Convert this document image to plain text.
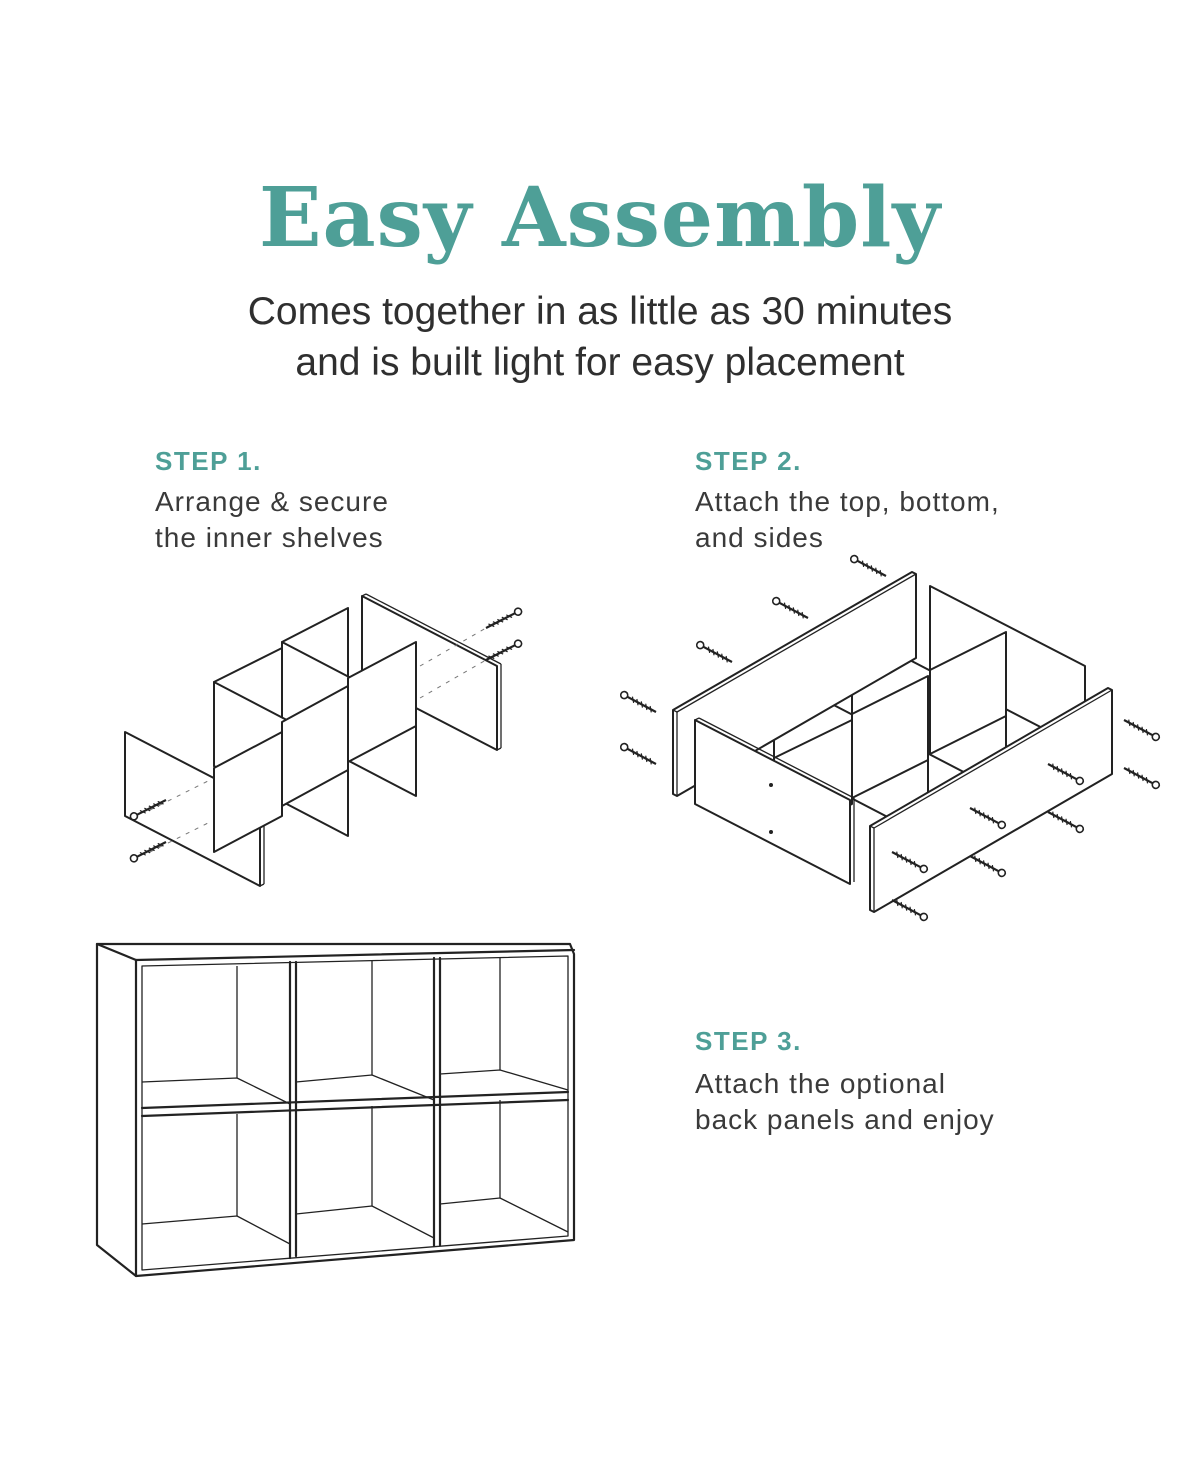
Easy Assembly
Comes together in as little as 30 minutes
and is built light for easy placement
STEP 1.
Arrange & secure
the inner shelves
STEP 2.
Attach the top, bottom,
and sides
STEP 3.
Attach the optional
back panels and enjoy
